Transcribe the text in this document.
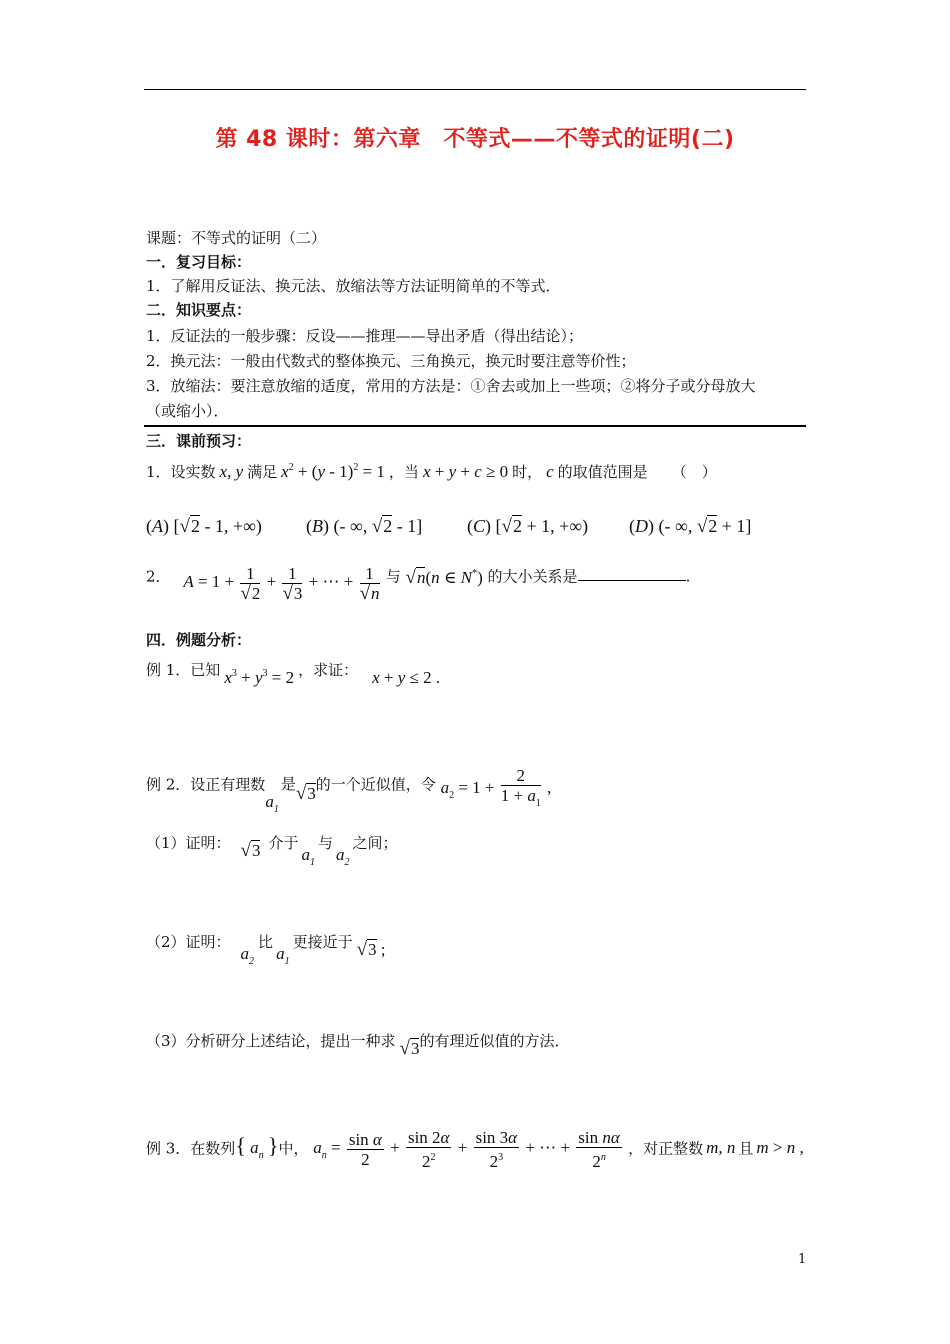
第 48 课时：第六章　不等式——不等式的证明(二)
课题：不等式的证明（二）
一．复习目标：
1．了解用反证法、换元法、放缩法等方法证明简单的不等式．
二．知识要点：
1．反证法的一般步骤：反设——推理——导出矛盾（得出结论）；
2．换元法：一般由代数式的整体换元、三角换元，换元时要注意等价性；
3．放缩法：要注意放缩的适度，常用的方法是：①舍去或加上一些项；②将分子或分母放大
（或缩小）．
三．课前预习：
1．设实数 x, y 满足 $x^2 + (y - 1)^2 = 1$ ，当 x + y + c ≥ 0 时， c 的取值范围是 （　）
(A) [√2 - 1, +∞) (B) (- ∞, √2 - 1] (C) [√2 + 1, +∞) (D) (- ∞, √2 + 1]
2． $A = 1 + \frac{1}{√2} + \frac{1}{√3}$ + ⋯ + $\frac{1}{√n}$ 与 √n(n ∈ N*) 的大小关系是	.
四．例题分析：
例 1．已知 $x^3 + y^3 = 2$ ，求证： x + y ≤ 2 .
例 2．设正有理数$a_1$是√3的一个近似值，令 $a_2 = 1 + \frac{2}{1 + a_1}$ ,
（1）证明： √3 介于$a_1$与$a_2$之间；
（2）证明：$a_2$比$a_1$更接近于 √3 ;
（3）分析研分上述结论，提出一种求 √3的有理近似值的方法．
例 3．在数列{ $a_n$ }中， $a_n = \frac{\text{sin α}}{2} + \frac{\sin 2\alpha}{2^2} + \frac{\sin 3\alpha}{2^3}$ + ⋯ + $\frac{\text{sin nα}}{2^n}$ ，对正整数 m, n 且 m > n ,
1
